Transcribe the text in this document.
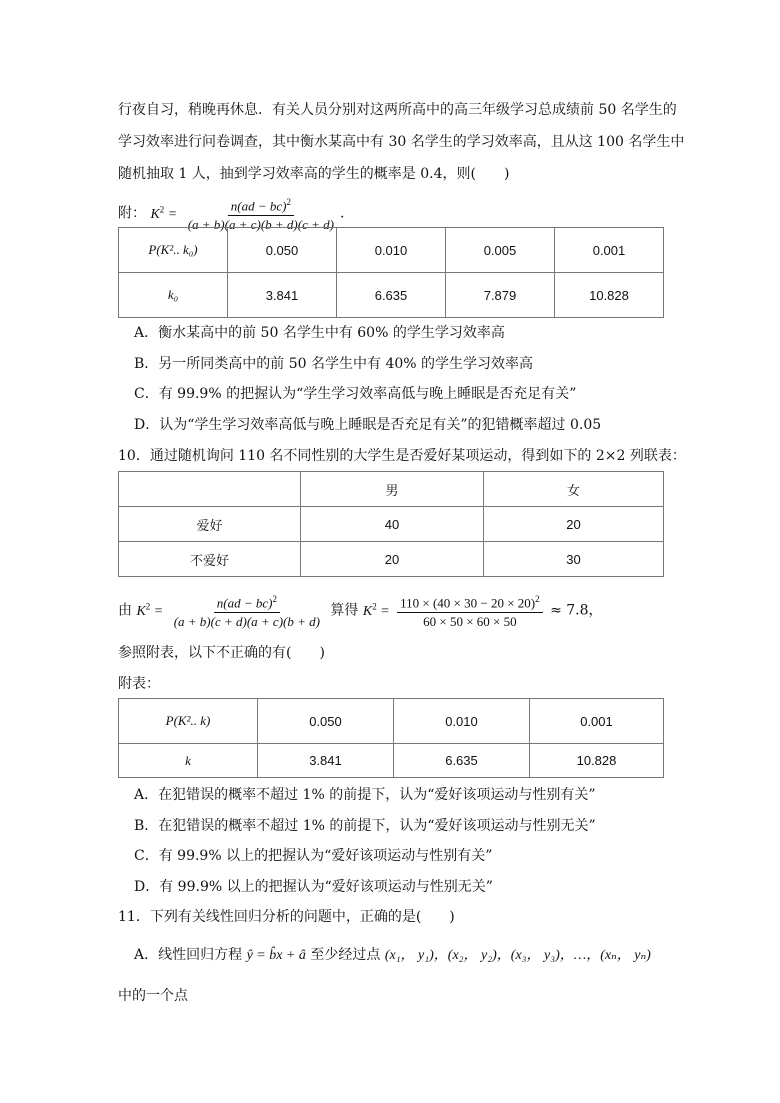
行夜自习，稍晚再休息．有关人员分别对这两所高中的高三年级学习总成绩前 50 名学生的
学习效率进行问卷调查，其中衡水某高中有 30 名学生的学习效率高，且从这 100 名学生中
随机抽取 1 人，抽到学习效率高的学生的概率是 0.4，则(　　)
附： $K^2 = \frac{n(ad - bc)^2}{(a + b)(a + c)(b + d)(c + d)}$ .
P(K².. k₀)	0.050	0.010	0.005	0.001
k₀	3.841	6.635	7.879	10.828
A．衡水某高中的前 50 名学生中有 60% 的学生学习效率高
B．另一所同类高中的前 50 名学生中有 40% 的学生学习效率高
C．有 99.9% 的把握认为“学生学习效率高低与晚上睡眠是否充足有关”
D．认为“学生学习效率高低与晚上睡眠是否充足有关”的犯错概率超过 0.05
10．通过随机询问 110 名不同性别的大学生是否爱好某项运动，得到如下的 2×2 列联表：
	男	女
爱好	40	20
不爱好	20	30
由 $K^2 = \frac{n(ad - bc)^2}{(a + b)(c + d)(a + c)(b + d)}$ 算得 $K^2 = \frac{110 \times (40 \times 30 - 20 \times 20)^2}{60 \times 50 \times 60 \times 50} \approx 7.8$，
参照附表，以下不正确的有(　　)
附表：
P(K².. k)	0.050	0.010	0.001
k	3.841	6.635	10.828
A．在犯错误的概率不超过 1% 的前提下，认为“爱好该项运动与性别有关”
B．在犯错误的概率不超过 1% 的前提下，认为“爱好该项运动与性别无关”
C．有 99.9% 以上的把握认为“爱好该项运动与性别有关”
D．有 99.9% 以上的把握认为“爱好该项运动与性别无关”
11．下列有关线性回归分析的问题中，正确的是(　　)
A．线性回归方程 ŷ = b̂x + â 至少经过点 (x₁， y₁)，(x₂， y₂)，(x₃， y₃)，…，(xₙ， yₙ)
中的一个点
